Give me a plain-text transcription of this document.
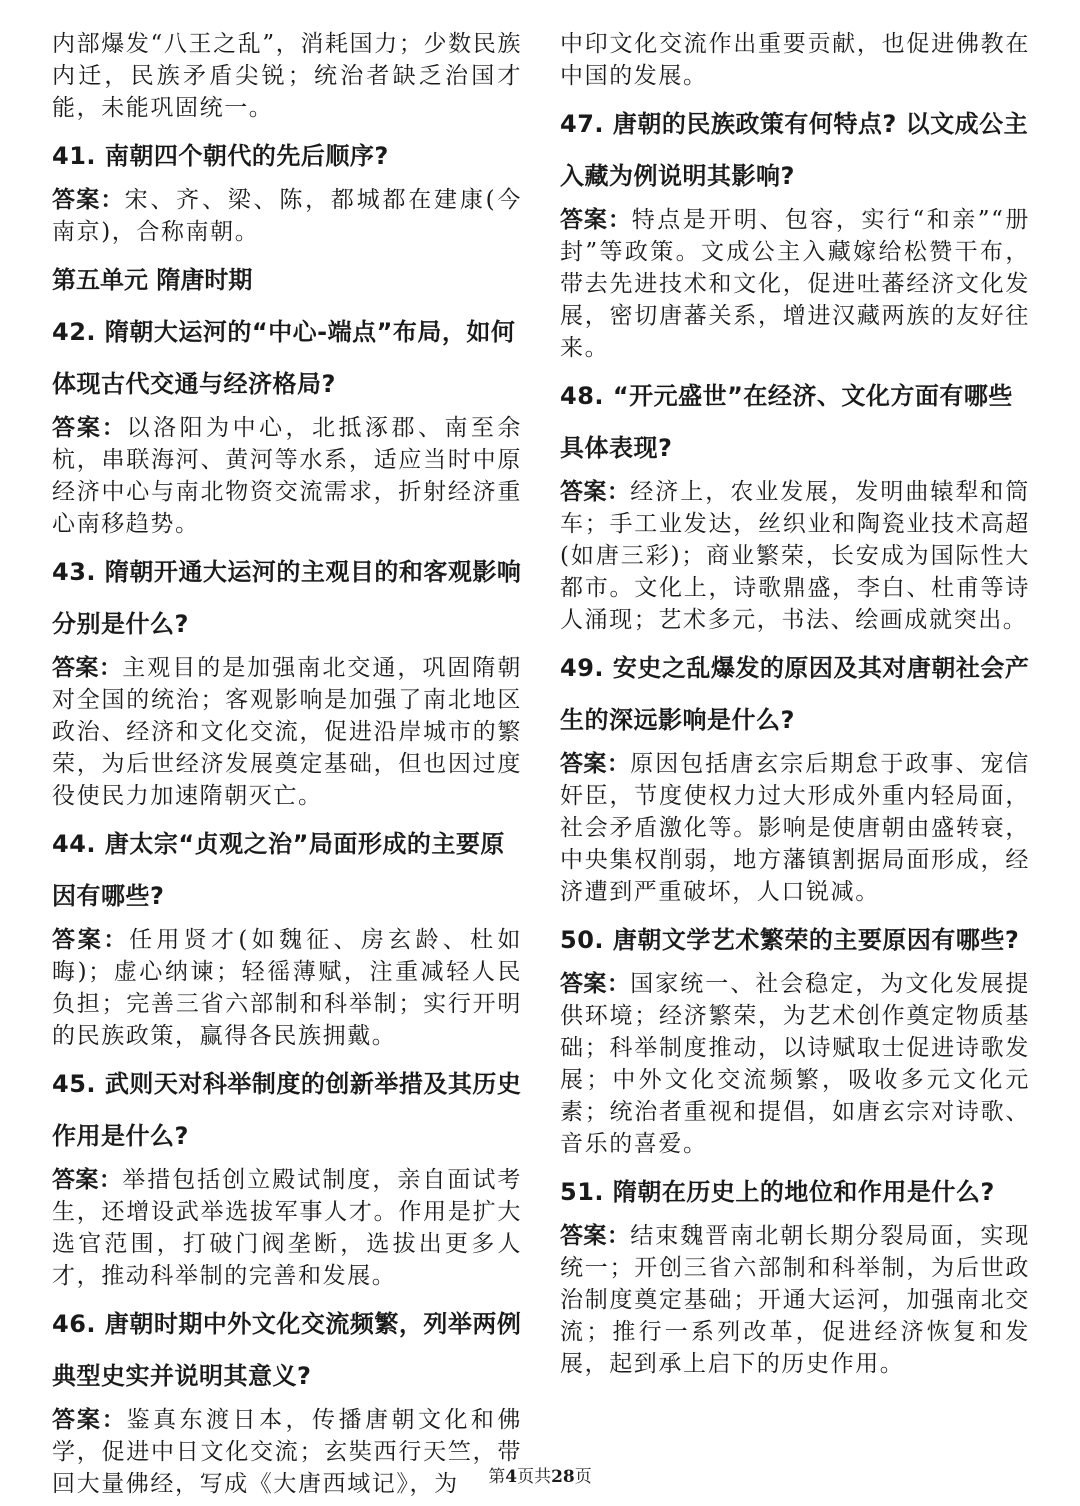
内部爆发“八王之乱”，消耗国力；少数民族内迁，民族矛盾尖锐；统治者缺乏治国才能，未能巩固统一。

41. 南朝四个朝代的先后顺序?

答案：宋、齐、梁、陈，都城都在建康(今南京)，合称南朝。

第五单元 隋唐时期

42. 隋朝大运河的“中心-端点”布局，如何体现古代交通与经济格局?

答案：以洛阳为中心，北抵涿郡、南至余杭，串联海河、黄河等水系，适应当时中原经济中心与南北物资交流需求，折射经济重心南移趋势。

43. 隋朝开通大运河的主观目的和客观影响分别是什么?

答案：主观目的是加强南北交通，巩固隋朝对全国的统治；客观影响是加强了南北地区政治、经济和文化交流，促进沿岸城市的繁荣，为后世经济发展奠定基础，但也因过度役使民力加速隋朝灭亡。

44. 唐太宗“贞观之治”局面形成的主要原因有哪些?

答案：任用贤才(如魏征、房玄龄、杜如晦)；虚心纳谏；轻徭薄赋，注重减轻人民负担；完善三省六部制和科举制；实行开明的民族政策，赢得各民族拥戴。

45. 武则天对科举制度的创新举措及其历史作用是什么?

答案：举措包括创立殿试制度，亲自面试考生，还增设武举选拔军事人才。作用是扩大选官范围，打破门阀垄断，选拔出更多人才，推动科举制的完善和发展。

46. 唐朝时期中外文化交流频繁，列举两例典型史实并说明其意义?

答案：鉴真东渡日本，传播唐朝文化和佛学，促进中日文化交流；玄奘西行天竺，带回大量佛经，写成《大唐西域记》，为

中印文化交流作出重要贡献，也促进佛教在中国的发展。

47. 唐朝的民族政策有何特点? 以文成公主入藏为例说明其影响?

答案：特点是开明、包容，实行“和亲”“册封”等政策。文成公主入藏嫁给松赞干布，带去先进技术和文化，促进吐蕃经济文化发展，密切唐蕃关系，增进汉藏两族的友好往来。

48. “开元盛世”在经济、文化方面有哪些具体表现?

答案：经济上，农业发展，发明曲辕犁和筒车；手工业发达，丝织业和陶瓷业技术高超(如唐三彩)；商业繁荣，长安成为国际性大都市。文化上，诗歌鼎盛，李白、杜甫等诗人涌现；艺术多元，书法、绘画成就突出。

49. 安史之乱爆发的原因及其对唐朝社会产生的深远影响是什么?

答案：原因包括唐玄宗后期怠于政事、宠信奸臣，节度使权力过大形成外重内轻局面，社会矛盾激化等。影响是使唐朝由盛转衰，中央集权削弱，地方藩镇割据局面形成，经济遭到严重破坏，人口锐减。

50. 唐朝文学艺术繁荣的主要原因有哪些?

答案：国家统一、社会稳定，为文化发展提供环境；经济繁荣，为艺术创作奠定物质基础；科举制度推动，以诗赋取士促进诗歌发展；中外文化交流频繁，吸收多元文化元素；统治者重视和提倡，如唐玄宗对诗歌、音乐的喜爱。

51. 隋朝在历史上的地位和作用是什么?

答案：结束魏晋南北朝长期分裂局面，实现统一；开创三省六部制和科举制，为后世政治制度奠定基础；开通大运河，加强南北交流；推行一系列改革，促进经济恢复和发展，起到承上启下的历史作用。

第4页共28页
